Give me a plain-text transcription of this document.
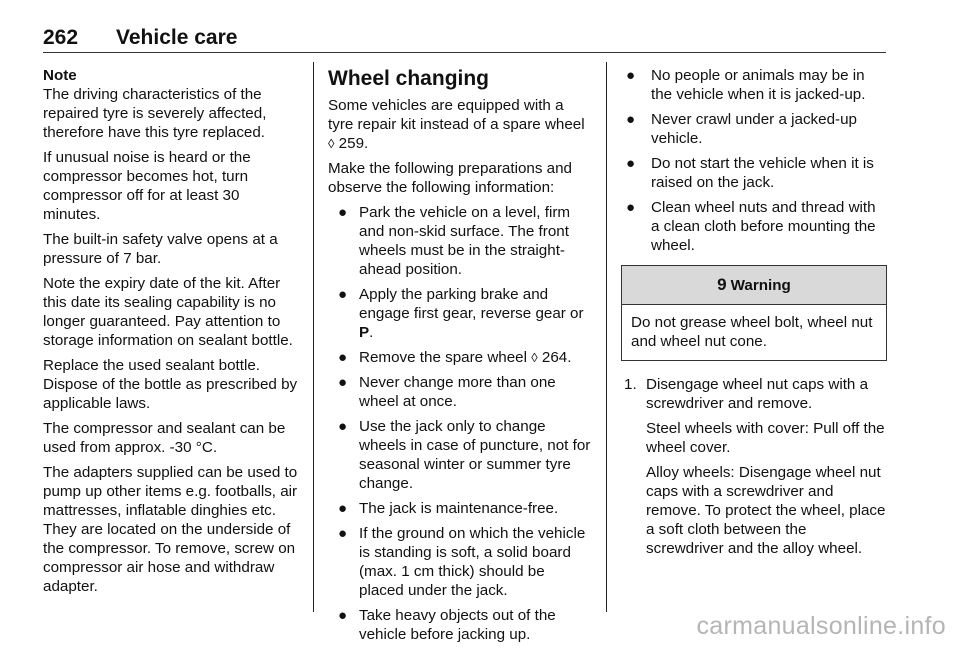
262 Vehicle care

Note

The driving characteristics of the repaired tyre is severely affected, therefore have this tyre replaced.

If unusual noise is heard or the compressor becomes hot, turn compressor off for at least 30 minutes.

The built-in safety valve opens at a pressure of 7 bar.

Note the expiry date of the kit. After this date its sealing capability is no longer guaranteed. Pay attention to storage information on sealant bottle.

Replace the used sealant bottle. Dispose of the bottle as prescribed by applicable laws.

The compressor and sealant can be used from approx. -30 °C.

The adapters supplied can be used to pump up other items e.g. footballs, air mattresses, inflatable dinghies etc. They are located on the underside of the compressor. To remove, screw on compressor air hose and withdraw adapter.

Wheel changing

Some vehicles are equipped with a tyre repair kit instead of a spare wheel
◊ 259.

Make the following preparations and observe the following information:

● Park the vehicle on a level, firm and non-skid surface. The front wheels must be in the straight-ahead position.
● Apply the parking brake and engage first gear, reverse gear or P.
● Remove the spare wheel ◊ 264.
● Never change more than one wheel at once.
● Use the jack only to change wheels in case of puncture, not for seasonal winter or summer tyre change.
● The jack is maintenance-free.
● If the ground on which the vehicle is standing is soft, a solid board (max. 1 cm thick) should be placed under the jack.
● Take heavy objects out of the vehicle before jacking up.
● No people or animals may be in the vehicle when it is jacked-up.
● Never crawl under a jacked-up vehicle.
● Do not start the vehicle when it is raised on the jack.
● Clean wheel nuts and thread with a clean cloth before mounting the wheel.
9 Warning
Do not grease wheel bolt, wheel nut and wheel nut cone.
1. Disengage wheel nut caps with a screwdriver and remove.

Steel wheels with cover: Pull off the wheel cover.

Alloy wheels: Disengage wheel nut caps with a screwdriver and remove. To protect the wheel, place a soft cloth between the screwdriver and the alloy wheel.

carmanualsonline.info
